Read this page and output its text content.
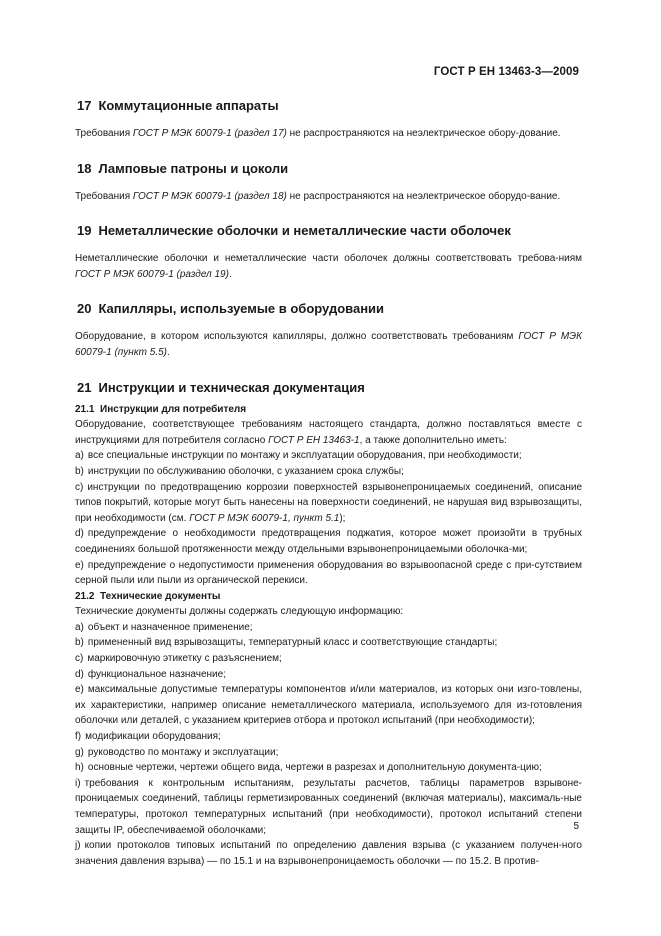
ГОСТ Р ЕН 13463-3—2009
17 Коммутационные аппараты

Требования ГОСТ Р МЭК 60079-1 (раздел 17) не распространяются на неэлектрическое обору-дование.

18 Ламповые патроны и цоколи

Требования ГОСТ Р МЭК 60079-1 (раздел 18) не распространяются на неэлектрическое оборудо-вание.

19 Неметаллические оболочки и неметаллические части оболочек

Неметаллические оболочки и неметаллические части оболочек должны соответствовать требова-ниям ГОСТ Р МЭК 60079-1 (раздел 19).

20 Капилляры, используемые в оборудовании

Оборудование, в котором используются капилляры, должно соответствовать требованиям ГОСТ Р МЭК 60079-1 (пункт 5.5).

21 Инструкции и техническая документация

21.1 Инструкции для потребителя

Оборудование, соответствующее требованиям настоящего стандарта, должно поставляться вместе с инструкциями для потребителя согласно ГОСТ Р ЕН 13463-1, а также дополнительно иметь:

a) все специальные инструкции по монтажу и эксплуатации оборудования, при необходимости;

b) инструкции по обслуживанию оболочки, с указанием срока службы;

c) инструкции по предотвращению коррозии поверхностей взрывонепроницаемых соединений, описание типов покрытий, которые могут быть нанесены на поверхности соединений, не нарушая вид взрывозащиты, при необходимости (см. ГОСТ Р МЭК 60079-1, пункт 5.1);

d) предупреждение о необходимости предотвращения поджатия, которое может произойти в трубных соединениях большой протяженности между отдельными взрывонепроницаемыми оболочка-ми;

e) предупреждение о недопустимости применения оборудования во взрывоопасной среде с при-сутствием серной пыли или пыли из органической перекиси.

21.2 Технические документы

Технические документы должны содержать следующую информацию:

a) объект и назначенное применение;

b) примененный вид взрывозащиты, температурный класс и соответствующие стандарты;

c) маркировочную этикетку с разъяснением;

d) функциональное назначение;

e) максимальные допустимые температуры компонентов и/или материалов, из которых они изго-товлены, их характеристики, например описание неметаллического материала, используемого для из-готовления оболочки или деталей, с указанием критериев отбора и протокол испытаний (при необходимости);

f) модификации оборудования;

g) руководство по монтажу и эксплуатации;

h) основные чертежи, чертежи общего вида, чертежи в разрезах и дополнительную документа-цию;

i) требования к контрольным испытаниям, результаты расчетов, таблицы параметров взрывоне-проницаемых соединений, таблицы герметизированных соединений (включая материалы), максималь-ные температуры, протокол температурных испытаний (при необходимости), протокол испытаний степени защиты IP, обеспечиваемой оболочками;

j) копии протоколов типовых испытаний по определению давления взрыва (с указанием получен-ного значения давления взрыва) — по 15.1 и на взрывонепроницаемость оболочки — по 15.2. В против-

5
